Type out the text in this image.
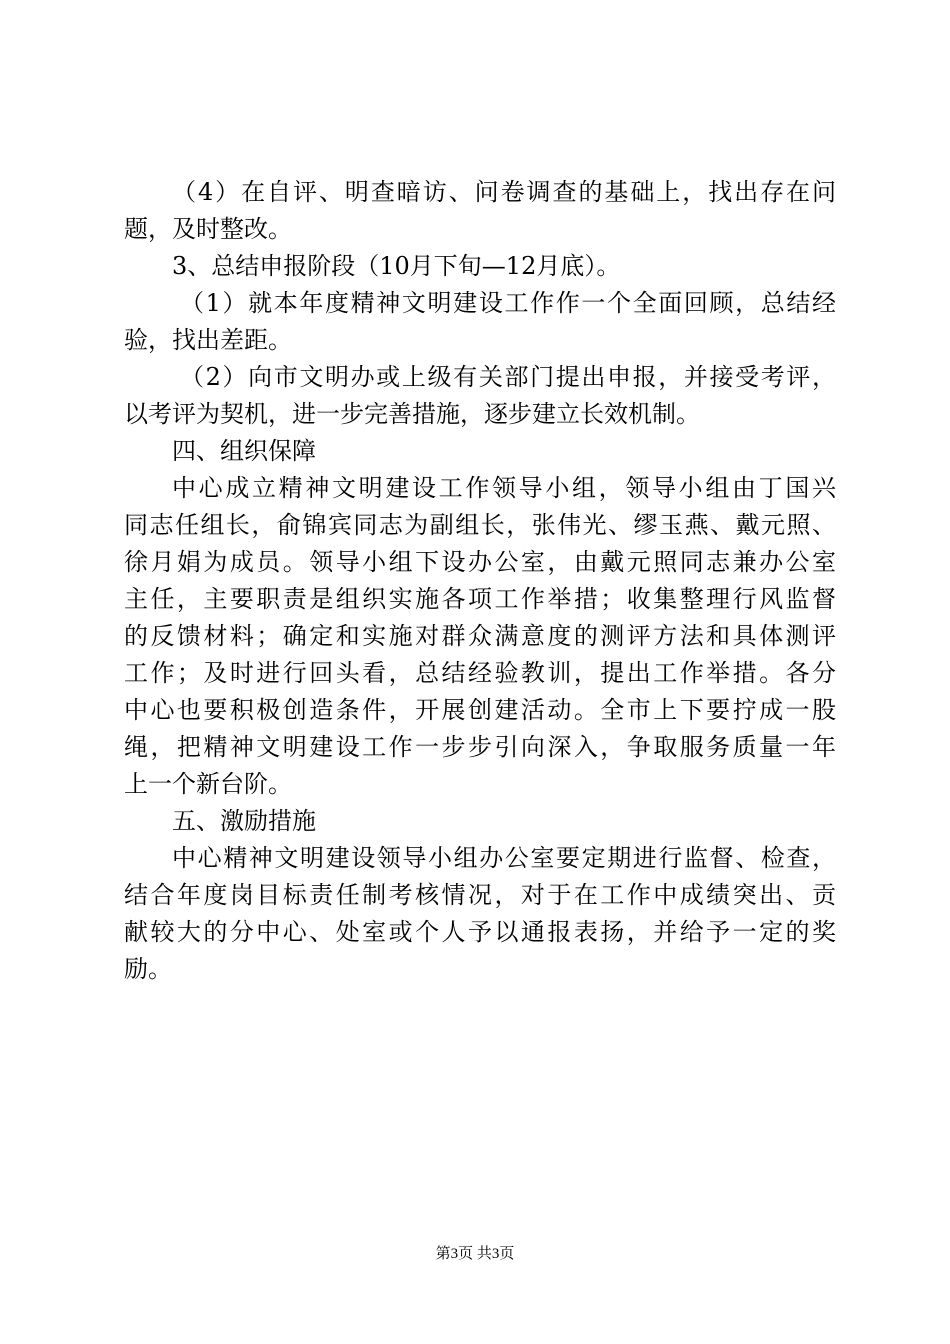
（4）在自评、明查暗访、问卷调查的基础上，找出存在问
题，及时整改。
3、总结申报阶段（10月下旬—12月底）。
（1）就本年度精神文明建设工作作一个全面回顾，总结经
验，找出差距。
（2）向市文明办或上级有关部门提出申报，并接受考评，
以考评为契机，进一步完善措施，逐步建立长效机制。
四、组织保障
中心成立精神文明建设工作领导小组，领导小组由丁国兴
同志任组长，俞锦宾同志为副组长，张伟光、缪玉燕、戴元照、
徐月娟为成员。领导小组下设办公室，由戴元照同志兼办公室
主任，主要职责是组织实施各项工作举措；收集整理行风监督
的反馈材料；确定和实施对群众满意度的测评方法和具体测评
工作；及时进行回头看，总结经验教训，提出工作举措。各分
中心也要积极创造条件，开展创建活动。全市上下要拧成一股
绳，把精神文明建设工作一步步引向深入，争取服务质量一年
上一个新台阶。
五、激励措施
中心精神文明建设领导小组办公室要定期进行监督、检查，
结合年度岗目标责任制考核情况，对于在工作中成绩突出、贡
献较大的分中心、处室或个人予以通报表扬，并给予一定的奖
励。
第3页 共3页
